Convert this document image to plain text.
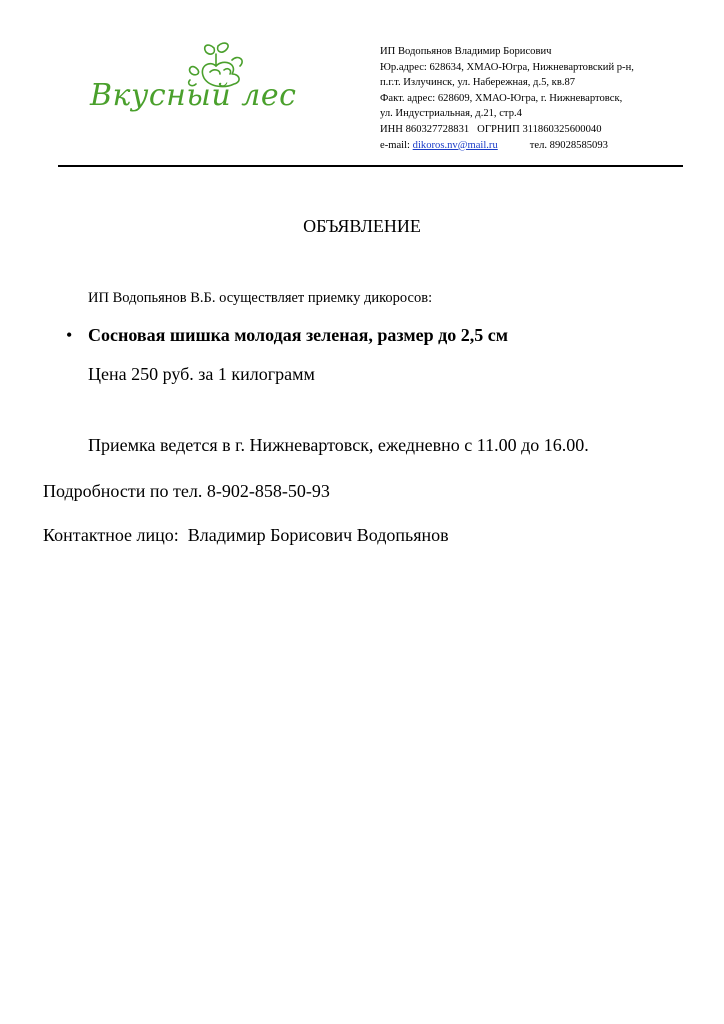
Вкусный лес
ИП Водопьянов Владимир Борисович
Юр.адрес: 628634, ХМАО-Югра, Нижневартовский р-н,
п.г.т. Излучинск, ул. Набережная, д.5, кв.87
Факт. адрес: 628609, ХМАО-Югра, г. Нижневартовск,
ул. Индустриальная, д.21, стр.4
ИНН 860327728831 ОГРНИП 311860325600040
e-mail: dikoros.nv@mail.ru	тел. 89028585093
ОБЪЯВЛЕНИЕ
ИП Водопьянов В.Б. осуществляет приемку дикоросов:
• Сосновая шишка молодая зеленая, размер до 2,5 см
Цена 250 руб. за 1 килограмм
Приемка ведется в г. Нижневартовск, ежедневно с 11.00 до 16.00.
Подробности по тел. 8-902-858-50-93
Контактное лицо: Владимир Борисович Водопьянов
